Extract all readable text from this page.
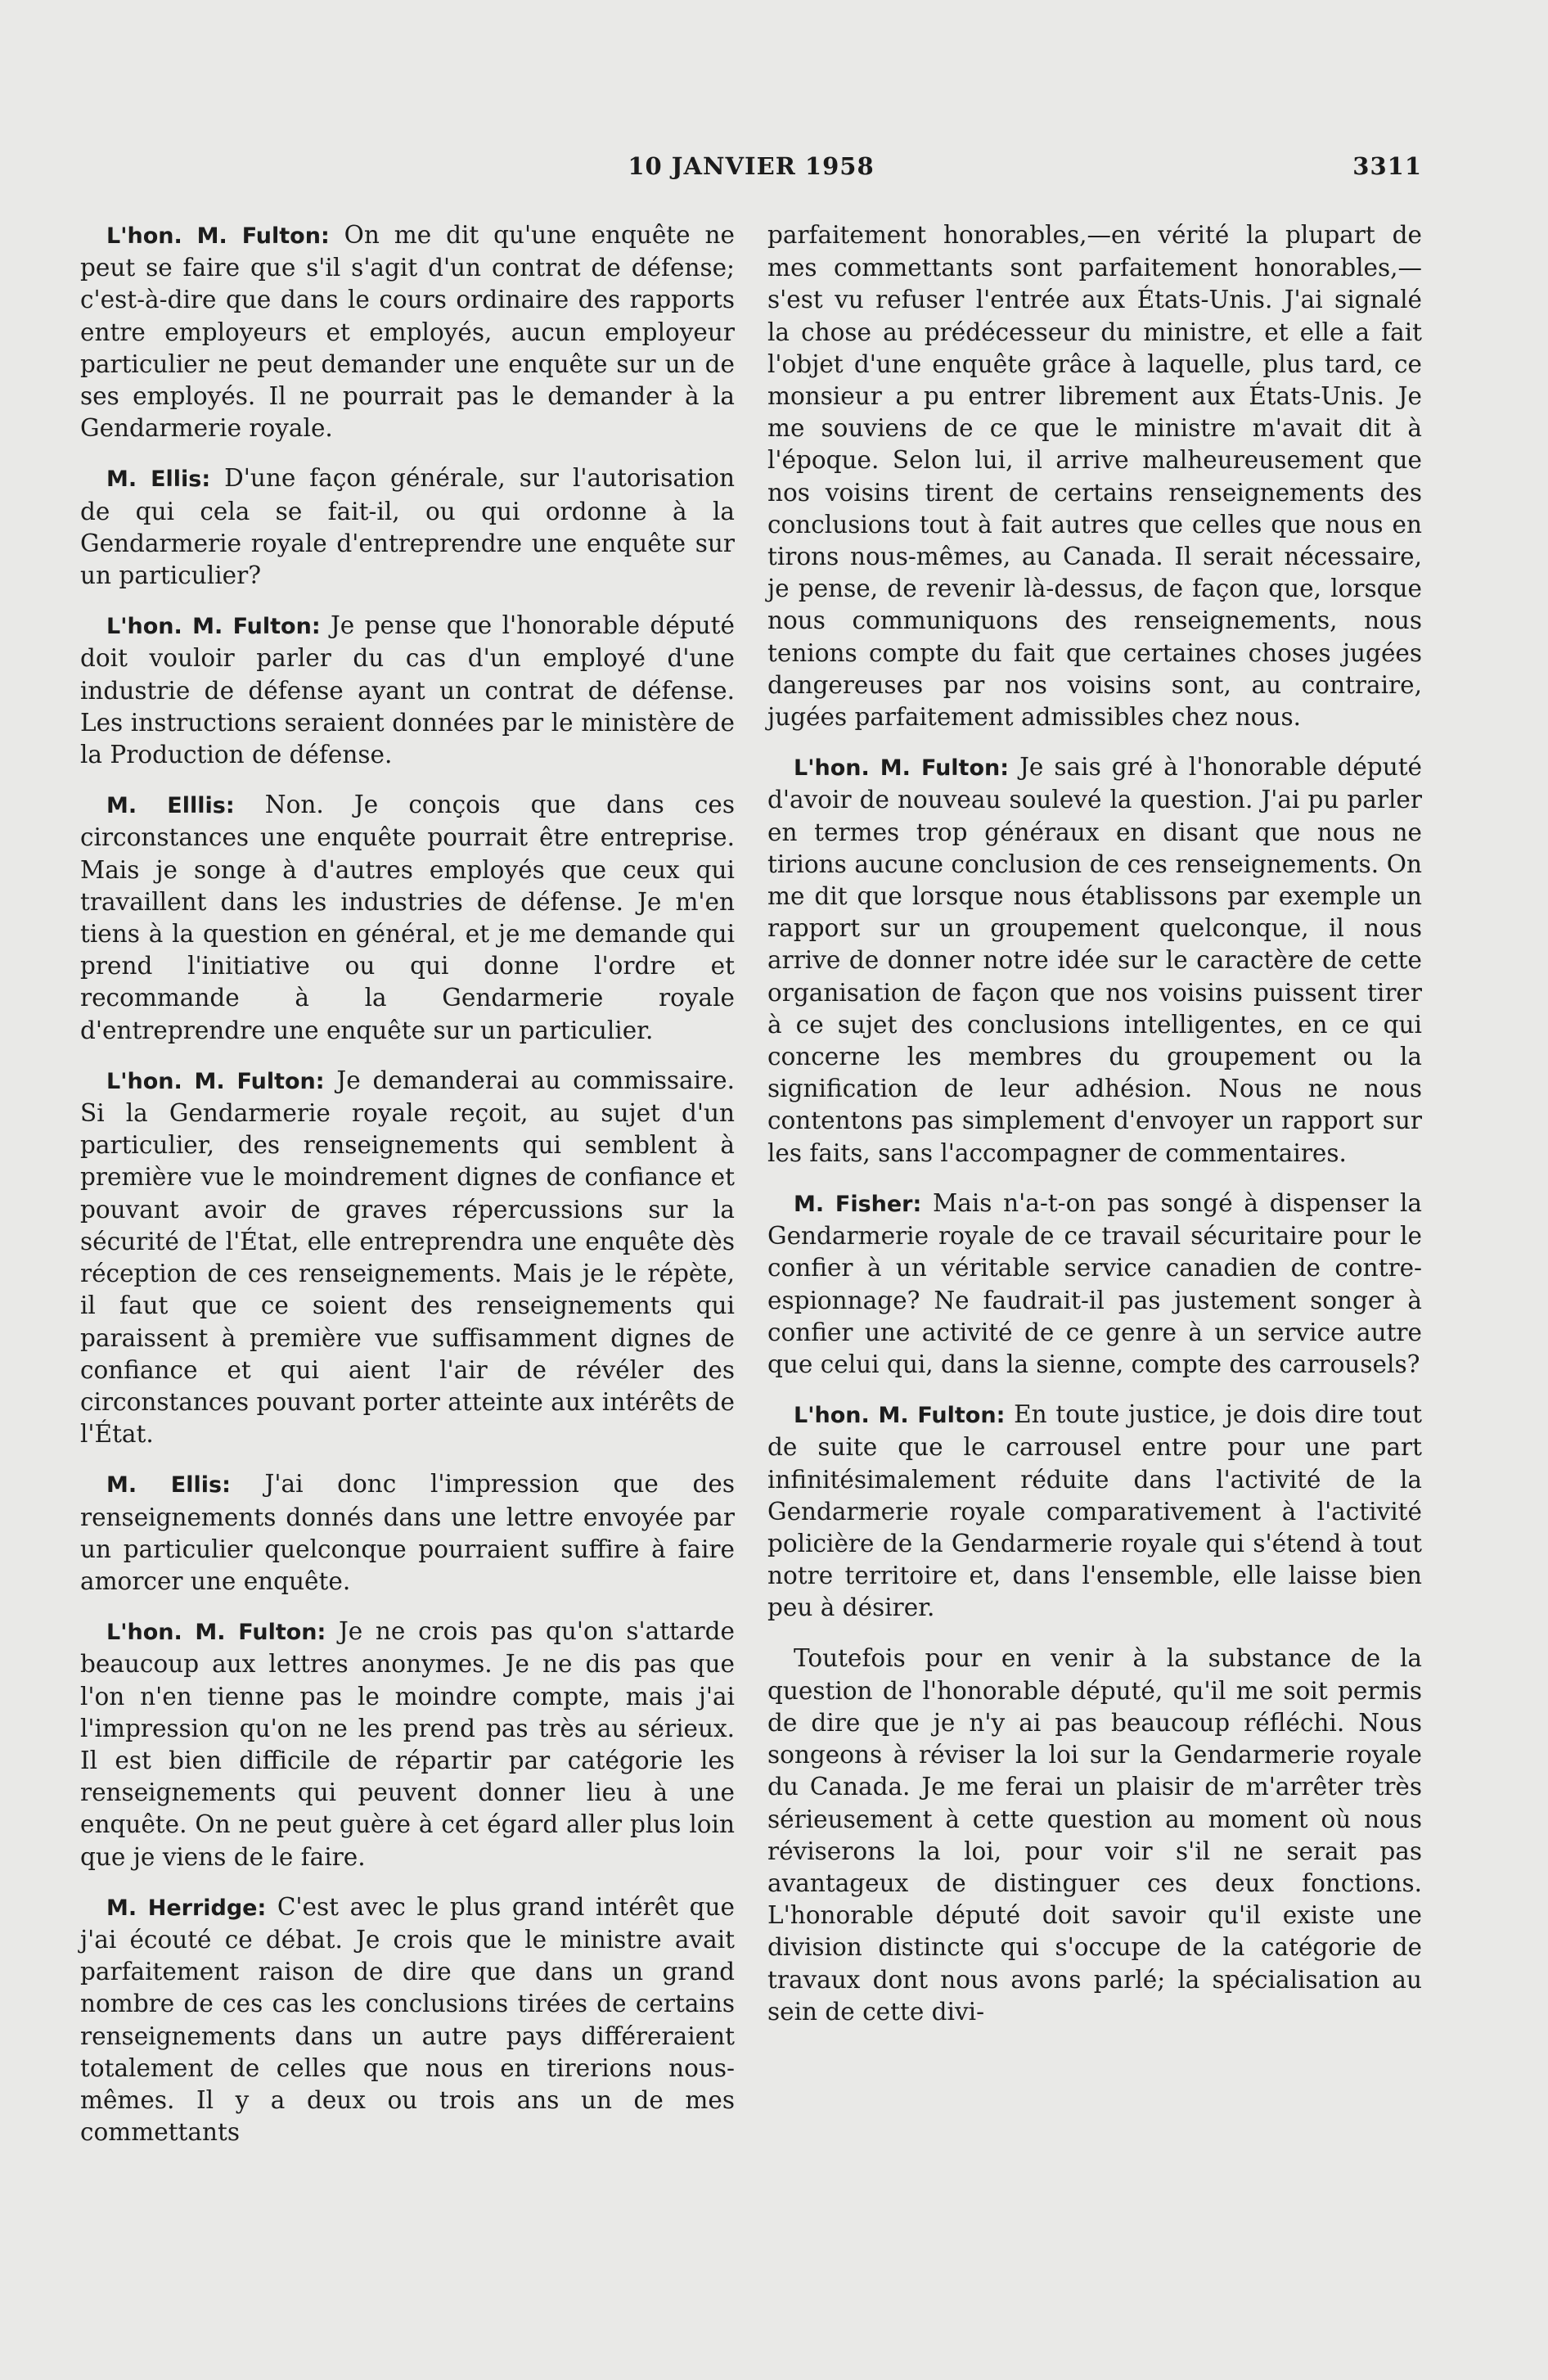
10 JANVIER 1958	3311

L'hon. M. Fulton: On me dit qu'une enquête ne peut se faire que s'il s'agit d'un contrat de défense; c'est-à-dire que dans le cours ordinaire des rapports entre employeurs et employés, aucun employeur particulier ne peut demander une enquête sur un de ses employés. Il ne pourrait pas le demander à la Gendarmerie royale.

M. Ellis: D'une façon générale, sur l'autorisation de qui cela se fait-il, ou qui ordonne à la Gendarmerie royale d'entreprendre une enquête sur un particulier?

L'hon. M. Fulton: Je pense que l'honorable député doit vouloir parler du cas d'un employé d'une industrie de défense ayant un contrat de défense. Les instructions seraient données par le ministère de la Production de défense.

M. Elllis: Non. Je conçois que dans ces circonstances une enquête pourrait être entreprise. Mais je songe à d'autres employés que ceux qui travaillent dans les industries de défense. Je m'en tiens à la question en général, et je me demande qui prend l'initiative ou qui donne l'ordre et recommande à la Gendarmerie royale d'entreprendre une enquête sur un particulier.

L'hon. M. Fulton: Je demanderai au commissaire. Si la Gendarmerie royale reçoit, au sujet d'un particulier, des renseignements qui semblent à première vue le moindrement dignes de confiance et pouvant avoir de graves répercussions sur la sécurité de l'État, elle entreprendra une enquête dès réception de ces renseignements. Mais je le répète, il faut que ce soient des renseignements qui paraissent à première vue suffisamment dignes de confiance et qui aient l'air de révéler des circonstances pouvant porter atteinte aux intérêts de l'État.

M. Ellis: J'ai donc l'impression que des renseignements donnés dans une lettre envoyée par un particulier quelconque pourraient suffire à faire amorcer une enquête.

L'hon. M. Fulton: Je ne crois pas qu'on s'attarde beaucoup aux lettres anonymes. Je ne dis pas que l'on n'en tienne pas le moindre compte, mais j'ai l'impression qu'on ne les prend pas très au sérieux. Il est bien difficile de répartir par catégorie les renseignements qui peuvent donner lieu à une enquête. On ne peut guère à cet égard aller plus loin que je viens de le faire.

M. Herridge: C'est avec le plus grand intérêt que j'ai écouté ce débat. Je crois que le ministre avait parfaitement raison de dire que dans un grand nombre de ces cas les conclusions tirées de certains renseignements dans un autre pays différeraient totalement de celles que nous en tirerions nous-mêmes. Il y a deux ou trois ans un de mes commettants

parfaitement honorables,—en vérité la plupart de mes commettants sont parfaitement honorables,—s'est vu refuser l'entrée aux États-Unis. J'ai signalé la chose au prédécesseur du ministre, et elle a fait l'objet d'une enquête grâce à laquelle, plus tard, ce monsieur a pu entrer librement aux États-Unis. Je me souviens de ce que le ministre m'avait dit à l'époque. Selon lui, il arrive malheureusement que nos voisins tirent de certains renseignements des conclusions tout à fait autres que celles que nous en tirons nous-mêmes, au Canada. Il serait nécessaire, je pense, de revenir là-dessus, de façon que, lorsque nous communiquons des renseignements, nous tenions compte du fait que certaines choses jugées dangereuses par nos voisins sont, au contraire, jugées parfaitement admissibles chez nous.

L'hon. M. Fulton: Je sais gré à l'honorable député d'avoir de nouveau soulevé la question. J'ai pu parler en termes trop généraux en disant que nous ne tirions aucune conclusion de ces renseignements. On me dit que lorsque nous établissons par exemple un rapport sur un groupement quelconque, il nous arrive de donner notre idée sur le caractère de cette organisation de façon que nos voisins puissent tirer à ce sujet des conclusions intelligentes, en ce qui concerne les membres du groupement ou la signification de leur adhésion. Nous ne nous contentons pas simplement d'envoyer un rapport sur les faits, sans l'accompagner de commentaires.

M. Fisher: Mais n'a-t-on pas songé à dispenser la Gendarmerie royale de ce travail sécuritaire pour le confier à un véritable service canadien de contre-espionnage? Ne faudrait-il pas justement songer à confier une activité de ce genre à un service autre que celui qui, dans la sienne, compte des carrousels?

L'hon. M. Fulton: En toute justice, je dois dire tout de suite que le carrousel entre pour une part infinitésimalement réduite dans l'activité de la Gendarmerie royale comparativement à l'activité policière de la Gendarmerie royale qui s'étend à tout notre territoire et, dans l'ensemble, elle laisse bien peu à désirer.

Toutefois pour en venir à la substance de la question de l'honorable député, qu'il me soit permis de dire que je n'y ai pas beaucoup réfléchi. Nous songeons à réviser la loi sur la Gendarmerie royale du Canada. Je me ferai un plaisir de m'arrêter très sérieusement à cette question au moment où nous réviserons la loi, pour voir s'il ne serait pas avantageux de distinguer ces deux fonctions. L'honorable député doit savoir qu'il existe une division distincte qui s'occupe de la catégorie de travaux dont nous avons parlé; la spécialisation au sein de cette divi-
